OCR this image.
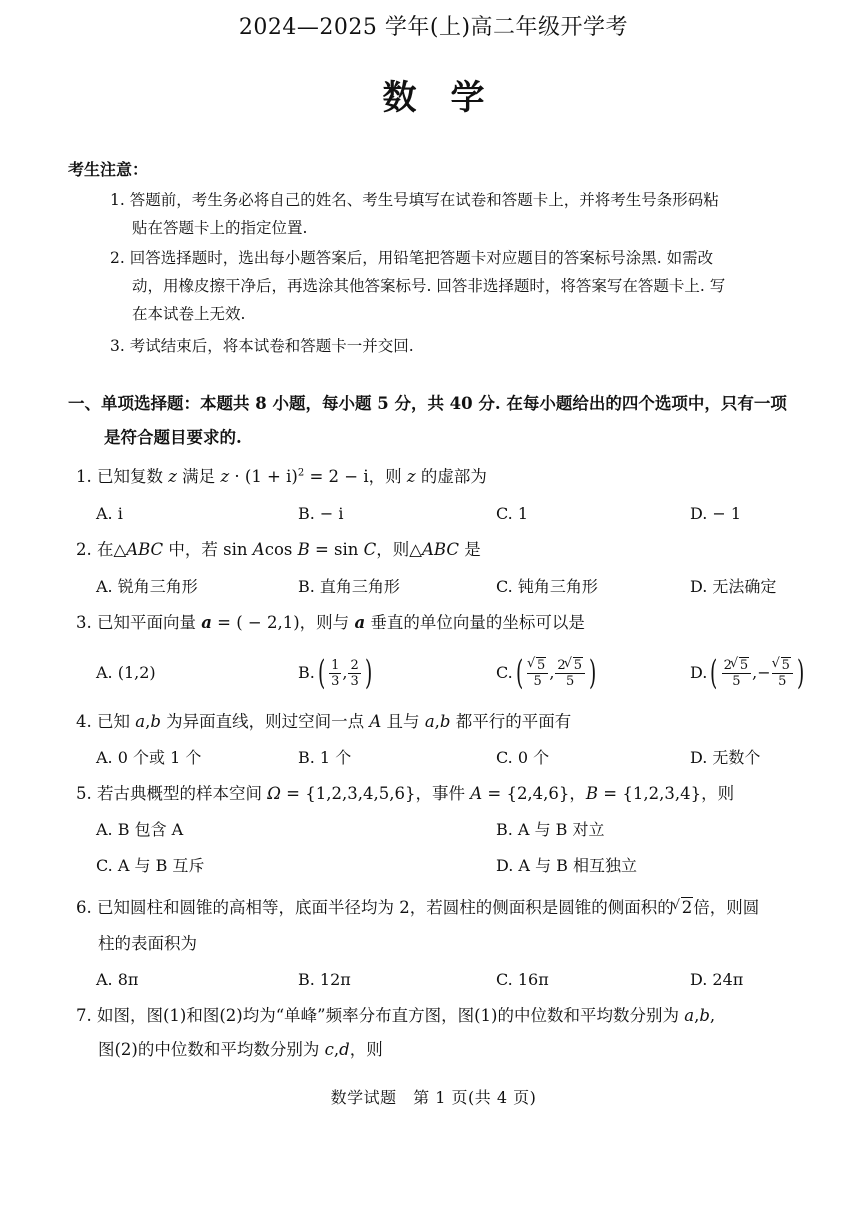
2024—2025 学年(上)高二年级开学考
数学
考生注意：
1. 答题前，考生务必将自己的姓名、考生号填写在试卷和答题卡上，并将考生号条形码粘
贴在答题卡上的指定位置.
2. 回答选择题时，选出每小题答案后，用铅笔把答题卡对应题目的答案标号涂黑. 如需改
动，用橡皮擦干净后，再选涂其他答案标号. 回答非选择题时，将答案写在答题卡上. 写
在本试卷上无效.
3. 考试结束后，将本试卷和答题卡一并交回.
一、单项选择题：本题共 8 小题，每小题 5 分，共 40 分. 在每小题给出的四个选项中，只有一项
是符合题目要求的.
1. 已知复数 z 满足 $z \cdot (1 + i)^2 = 2 - i$，则 z 的虚部为
A. i	B. − i	C. 1	D. − 1
2. 在△ABC 中，若 sin Acos B = sin C，则△ABC 是
A. 锐角三角形	B. 直角三角形	C. 钝角三角形	D. 无法确定
3. 已知平面向量 a = ( − 2,1)，则与 a 垂直的单位向量的坐标可以是
A. (1,2)	B. ( $\frac{1}{3}$ , $\frac{2}{3}$ )	C. ( √ $\frac{5}{5}$ , $\frac{2 √ 5}{5}$ )	D. ( $\frac{2 √ 5}{5}$ , − √ $\frac{5}{5}$ )
4. 已知 a,b 为异面直线，则过空间一点 A 且与 a,b 都平行的平面有
A. 0 个或 1 个	B. 1 个	C. 0 个	D. 无数个
5. 若古典概型的样本空间 Ω = {1,2,3,4,5,6}，事件 A = {2,4,6}，B = {1,2,3,4}，则
A. B 包含 A	B. A 与 B 对立
C. A 与 B 互斥	D. A 与 B 相互独立
6. 已知圆柱和圆锥的高相等，底面半径均为 2，若圆柱的侧面积是圆锥的侧面积的 √ 2倍，则圆
柱的表面积为
A. 8π	B. 12π	C. 16π	D. 24π
7. 如图，图(1)和图(2)均为“单峰”频率分布直方图，图(1)的中位数和平均数分别为 a,b,
图(2)的中位数和平均数分别为 c,d，则
数学试题　第 1 页(共 4 页)
